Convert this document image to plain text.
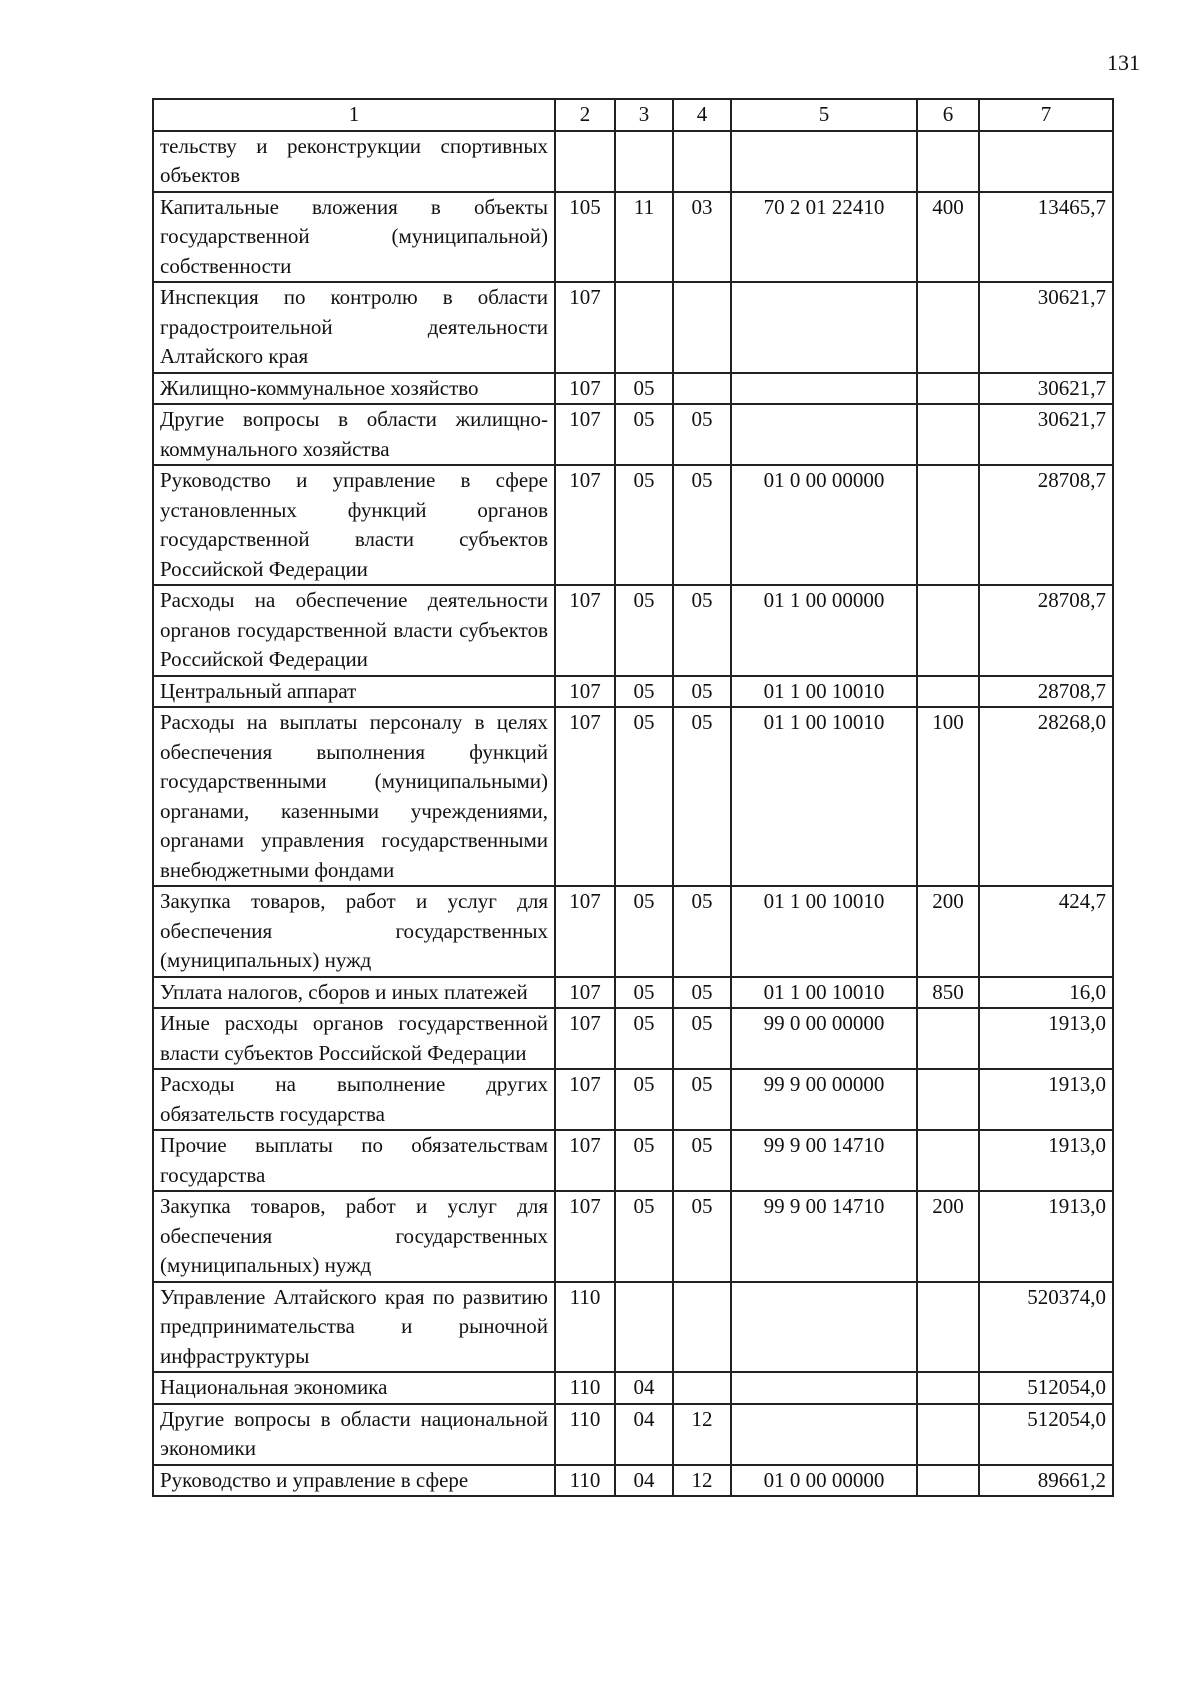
131
1	2	3	4	5	6	7
тельству и реконструкции спортивных объектов						
Капитальные вложения в объекты государственной (муниципальной) собственности	105	11	03	70 2 01 22410	400	13465,7
Инспекция по контролю в области градостроительной деятельности Алтайского края	107					30621,7
Жилищно-коммунальное хозяйство	107	05				30621,7
Другие вопросы в области жилищно-коммунального хозяйства	107	05	05			30621,7
Руководство и управление в сфере установленных функций органов государственной власти субъектов Российской Федерации	107	05	05	01 0 00 00000		28708,7
Расходы на обеспечение деятельности органов государственной власти субъектов Российской Федерации	107	05	05	01 1 00 00000		28708,7
Центральный аппарат	107	05	05	01 1 00 10010		28708,7
Расходы на выплаты персоналу в целях обеспечения выполнения функций государственными (муниципальными) органами, казенными учреждениями, органами управления государственными внебюджетными фондами	107	05	05	01 1 00 10010	100	28268,0
Закупка товаров, работ и услуг для обеспечения государственных (муниципальных) нужд	107	05	05	01 1 00 10010	200	424,7
Уплата налогов, сборов и иных платежей	107	05	05	01 1 00 10010	850	16,0
Иные расходы органов государственной власти субъектов Российской Федерации	107	05	05	99 0 00 00000		1913,0
Расходы на выполнение других обязательств государства	107	05	05	99 9 00 00000		1913,0
Прочие выплаты по обязательствам государства	107	05	05	99 9 00 14710		1913,0
Закупка товаров, работ и услуг для обеспечения государственных (муниципальных) нужд	107	05	05	99 9 00 14710	200	1913,0
Управление Алтайского края по развитию предпринимательства и рыночной инфраструктуры	110					520374,0
Национальная экономика	110	04				512054,0
Другие вопросы в области национальной экономики	110	04	12			512054,0
Руководство и управление в сфере	110	04	12	01 0 00 00000		89661,2
